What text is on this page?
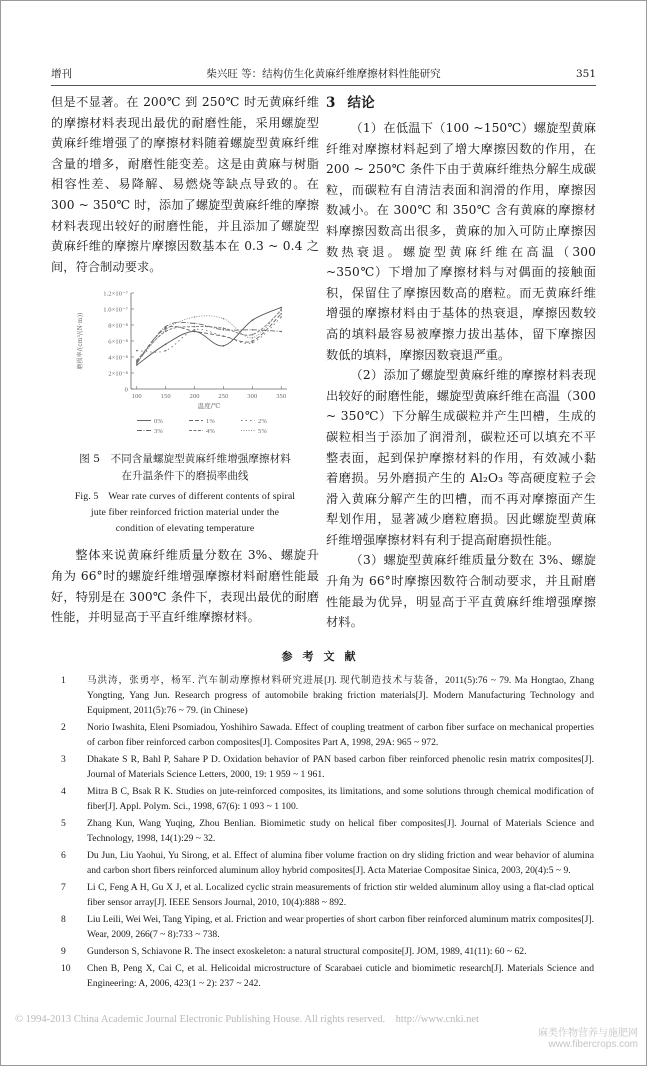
增刊	柴兴旺 等：结构仿生化黄麻纤维摩擦材料性能研究	351

但是不显著。在 200℃ 到 250℃ 时无黄麻纤维的摩擦材料表现出最优的耐磨性能，采用螺旋型黄麻纤维增强了的摩擦材料随着螺旋型黄麻纤维含量的增多，耐磨性能变差。这是由黄麻与树脂相容性差、易降解、易燃烧等缺点导致的。在 300 ~ 350℃ 时，添加了螺旋型黄麻纤维的摩擦材料表现出较好的耐磨性能，并且添加了螺旋型黄麻纤维的摩擦片摩擦因数基本在 0.3 ~ 0.4 之间，符合制动要求。

0
2×10⁻⁸
4×10⁻⁸
6×10⁻⁸
8×10⁻⁸
1.0×10⁻⁷
1.2×10⁻⁷
100	150	200	250	300	350
温度/℃
磨损率/(cm³/(N·m))
0%	1%	2%
3%	4%	5%
图 5　不同含量螺旋型黄麻纤维增强摩擦材料
在升温条件下的磨损率曲线
Fig. 5　Wear rate curves of different contents of spiral
jute fiber reinforced friction material under the
condition of elevating temperature

整体来说黄麻纤维质量分数在 3%、螺旋升角为 66°时的螺旋纤维增强摩擦材料耐磨性能最好，特别是在 300℃ 条件下，表现出最优的耐磨性能，并明显高于平直纤维摩擦材料。

3 结论

（1）在低温下（100 ~150℃）螺旋型黄麻纤维对摩擦材料起到了增大摩擦因数的作用，在 200 ~ 250℃ 条件下由于黄麻纤维热分解生成碳粒，而碳粒有自清洁表面和润滑的作用，摩擦因数减小。在 300℃ 和 350℃ 含有黄麻的摩擦材料摩擦因数高出很多，黄麻的加入可防止摩擦因数热衰退。螺旋型黄麻纤维在高温（300 ~350℃）下增加了摩擦材料与对偶面的接触面积，保留住了摩擦因数高的磨粒。而无黄麻纤维增强的摩擦材料由于基体的热衰退，摩擦因数较高的填料最容易被摩擦力拔出基体，留下摩擦因数低的填料，摩擦因数衰退严重。

（2）添加了螺旋型黄麻纤维的摩擦材料表现出较好的耐磨性能，螺旋型黄麻纤维在高温（300 ~ 350℃）下分解生成碳粒并产生凹槽，生成的碳粒相当于添加了润滑剂，碳粒还可以填充不平整表面，起到保护摩擦材料的作用，有效减小黏着磨损。另外磨损产生的 Al₂O₃ 等高硬度粒子会滑入黄麻分解产生的凹槽，而不再对摩擦面产生犁划作用，显著减少磨粒磨损。因此螺旋型黄麻纤维增强摩擦材料有利于提高耐磨损性能。

（3）螺旋型黄麻纤维质量分数在 3%、螺旋升角为 66°时摩擦因数符合制动要求，并且耐磨性能最为优异，明显高于平直黄麻纤维增强摩擦材料。

参考文献
1	马洪涛，张勇亭，杨军. 汽车制动摩擦材料研究进展[J]. 现代制造技术与装备，2011(5):76 ~ 79. Ma Hongtao, Zhang Yongting, Yang Jun. Research progress of automobile braking friction materials[J]. Modern Manufacturing Technology and Equipment, 2011(5):76 ~ 79. (in Chinese)
2	Norio Iwashita, Eleni Psomiadou, Yoshihiro Sawada. Effect of coupling treatment of carbon fiber surface on mechanical properties of carbon fiber reinforced carbon composites[J]. Composites Part A, 1998, 29A: 965 ~ 972.
3	Dhakate S R, Bahl P, Sahare P D. Oxidation behavior of PAN based carbon fiber reinforced phenolic resin matrix composites[J]. Journal of Materials Science Letters, 2000, 19: 1 959 ~ 1 961.
4	Mitra B C, Bsak R K. Studies on jute-reinforced composites, its limitations, and some solutions through chemical modification of fiber[J]. Appl. Polym. Sci., 1998, 67(6): 1 093 ~ 1 100.
5	Zhang Kun, Wang Yuqing, Zhou Benlian. Biomimetic study on helical fiber composites[J]. Journal of Materials Science and Technology, 1998, 14(1):29 ~ 32.
6	Du Jun, Liu Yaohui, Yu Sirong, et al. Effect of alumina fiber volume fraction on dry sliding friction and wear behavior of alumina and carbon short fibers reinforced aluminum alloy hybrid composites[J]. Acta Materiae Compositae Sinica, 2003, 20(4):5 ~ 9.
7	Li C, Feng A H, Gu X J, et al. Localized cyclic strain measurements of friction stir welded aluminum alloy using a flat-clad optical fiber sensor array[J]. IEEE Sensors Journal, 2010, 10(4):888 ~ 892.
8	Liu Leili, Wei Wei, Tang Yiping, et al. Friction and wear properties of short carbon fiber reinforced aluminum matrix composites[J]. Wear, 2009, 266(7 ~ 8):733 ~ 738.
9	Gunderson S, Schiavone R. The insect exoskeleton: a natural structural composite[J]. JOM, 1989, 41(11): 60 ~ 62.
10	Chen B, Peng X, Cai C, et al. Helicoidal microstructure of Scarabaei cuticle and biomimetic research[J]. Materials Science and Engineering: A, 2006, 423(1 ~ 2): 237 ~ 242.
© 1994-2013 China Academic Journal Electronic Publishing House. All rights reserved.　http://www.cnki.net
麻类作物营养与施肥网
www.fibercrops.com
